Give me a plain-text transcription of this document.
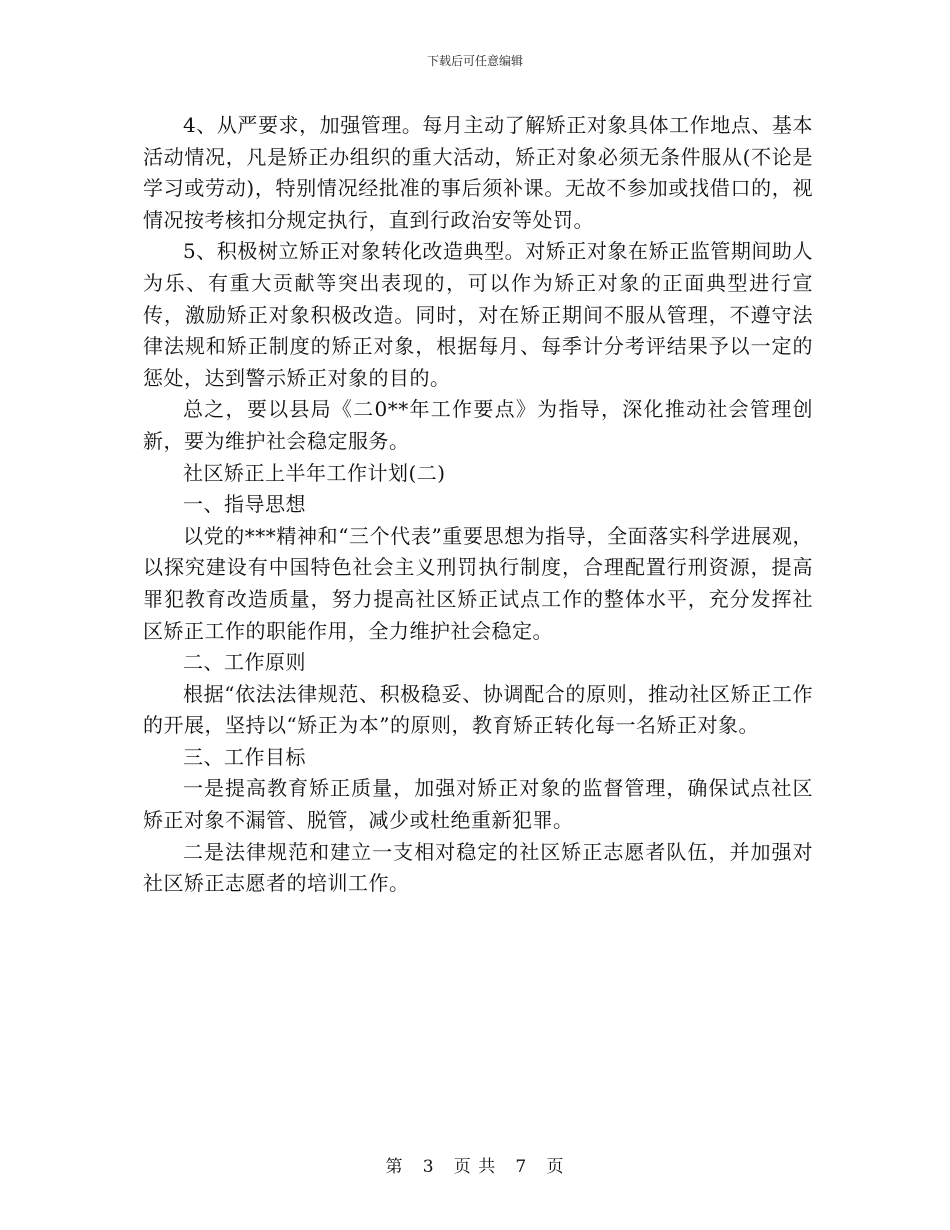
下载后可任意编辑

4、从严要求，加强管理。每月主动了解矫正对象具体工作地点、基本活动情况，凡是矫正办组织的重大活动，矫正对象必须无条件服从(不论是学习或劳动)，特别情况经批准的事后须补课。无故不参加或找借口的，视情况按考核扣分规定执行，直到行政治安等处罚。

5、积极树立矫正对象转化改造典型。对矫正对象在矫正监管期间助人为乐、有重大贡献等突出表现的，可以作为矫正对象的正面典型进行宣传，激励矫正对象积极改造。同时，对在矫正期间不服从管理，不遵守法律法规和矫正制度的矫正对象，根据每月、每季计分考评结果予以一定的惩处，达到警示矫正对象的目的。

总之，要以县局《二0**年工作要点》为指导，深化推动社会管理创新，要为维护社会稳定服务。

社区矫正上半年工作计划(二)

一、指导思想

以党的***精神和“三个代表”重要思想为指导，全面落实科学进展观，以探究建设有中国特色社会主义刑罚执行制度，合理配置行刑资源，提高罪犯教育改造质量，努力提高社区矫正试点工作的整体水平，充分发挥社区矫正工作的职能作用，全力维护社会稳定。

二、工作原则

根据“依法法律规范、积极稳妥、协调配合的原则，推动社区矫正工作的开展，坚持以“矫正为本”的原则，教育矫正转化每一名矫正对象。

三、工作目标

一是提高教育矫正质量，加强对矫正对象的监督管理，确保试点社区矫正对象不漏管、脱管，减少或杜绝重新犯罪。

二是法律规范和建立一支相对稳定的社区矫正志愿者队伍，并加强对社区矫正志愿者的培训工作。

第 3 页 共 7 页
